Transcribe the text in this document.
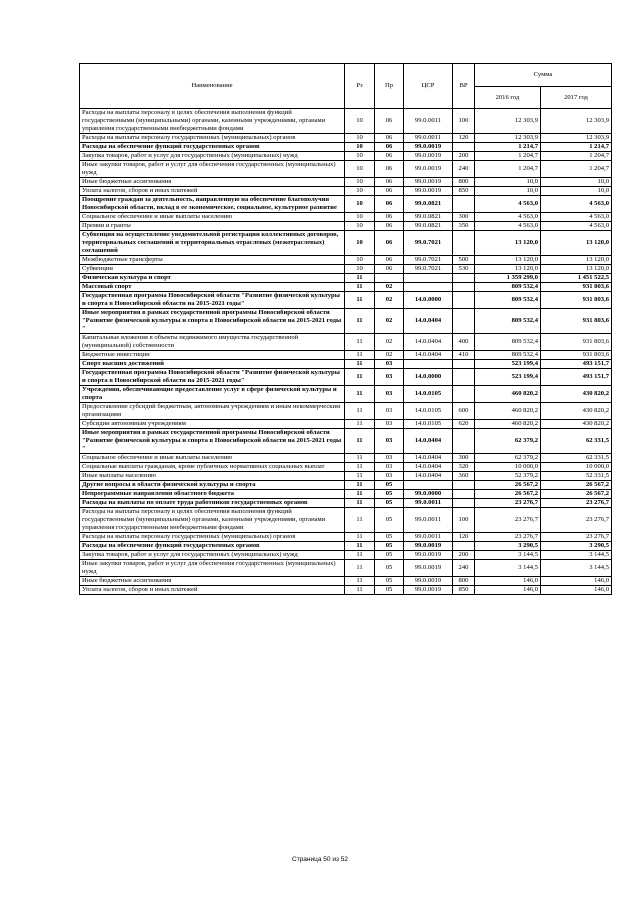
Наименование	Рз	Пр	ЦСР	ВР	Сумма	
					2016 год	2017 год
Расходы на выплаты персоналу в целях обеспечения выполнения функций государственными (муниципальными) органами, казенными учреждениями, органами управления государственными внебюджетными фондами	10	06	99.0.0011	100	12 303,9	12 303,9
Расходы на выплаты персоналу государственных (муниципальных) органов	10	06	99.0.0011	120	12 303,9	12 303,9
Расходы на обеспечение функций государственных органов	10	06	99.0.0019		1 214,7	1 214,7
Закупка товаров, работ и услуг для государственных (муниципальных) нужд	10	06	99.0.0019	200	1 204,7	1 204,7
Иные закупки товаров, работ и услуг для обеспечения государственных (муниципальных) нужд	10	06	99.0.0019	240	1 204,7	1 204,7
Иные бюджетные ассигнования	10	06	99.0.0019	800	10,0	10,0
Уплата налогов, сборов и иных платежей	10	06	99.0.0019	850	10,0	10,0
Поощрение граждан за деятельность, направленную на обеспечение благополучия Новосибирской области, вклад в ее экономическое, социальное, культурное развитие	10	06	99.0.0821		4 563,0	4 563,0
Социальное обеспечение и иные выплаты населению	10	06	99.0.0821	300	4 563,0	4 563,0
Премии и гранты	10	06	99.0.0821	350	4 563,0	4 563,0
Субвенция на осуществление уведомительной регистрации коллективных договоров, территориальных соглашений и территориальных отраслевых (межотраслевых) соглашений	10	06	99.0.7021		13 120,0	13 120,0
Межбюджетные трансферты	10	06	99.0.7021	500	13 120,0	13 120,0
Субвенции	10	06	99.0.7021	530	13 120,0	13 120,0
Физическая культура и спорт	11				1 359 299,0	1 451 522,5
Массовый спорт	11	02			809 532,4	931 803,6
Государственная программа Новосибирской области "Развитие физической культуры и спорта в Новосибирской области на 2015-2021 годы"	11	02	14.0.0000		809 532,4	931 803,6
Иные мероприятия в рамках государственной программы Новосибирской области "Развитие физической культуры и спорта в Новосибирской области на 2015-2021 годы "	11	02	14.0.0404		809 532,4	931 803,6
Капитальные вложения в объекты недвижимого имущества государственной (муниципальной) собственности	11	02	14.0.0404	400	809 532,4	931 803,6
Бюджетные инвестиции	11	02	14.0.0404	410	809 532,4	931 803,6
Спорт высших достижений	11	03			523 199,4	493 151,7
Государственная программа Новосибирской области "Развитие физической культуры и спорта в Новосибирской области на 2015-2021 годы"	11	03	14.0.0000		523 199,4	493 151,7
Учреждения, обеспечивающие предоставление услуг в сфере физической культуры и спорта	11	03	14.0.0105		460 820,2	430 820,2
Предоставление субсидий бюджетным, автономным учреждениям и иным некоммерческим организациям	11	03	14.0.0105	600	460 820,2	430 820,2
Субсидии автономным учреждениям	11	03	14.0.0105	620	460 820,2	430 820,2
Иные мероприятия в рамках государственной программы Новосибирской области "Развитие физической культуры и спорта в Новосибирской области на 2015-2021 годы "	11	03	14.0.0404		62 379,2	62 331,5
Социальное обеспечение и иные выплаты населению	11	03	14.0.0404	300	62 379,2	62 331,5
Социальные выплаты гражданам, кроме публичных нормативных социальных выплат	11	03	14.0.0404	320	10 000,0	10 000,0
Иные выплаты населению	11	03	14.0.0404	360	52 379,2	52 331,5
Другие вопросы в области физической культуры и спорта	11	05			26 567,2	26 567,2
Непрограммные направления областного бюджета	11	05	99.0.0000		26 567,2	26 567,2
Расходы на выплаты по оплате труда работников государственных органов	11	05	99.0.0011		23 276,7	23 276,7
Расходы на выплаты персоналу в целях обеспечения выполнения функций государственными (муниципальными) органами, казенными учреждениями, органами управления государственными внебюджетными фондами	11	05	99.0.0011	100	23 276,7	23 276,7
Расходы на выплаты персоналу государственных (муниципальных) органов	11	05	99.0.0011	120	23 276,7	23 276,7
Расходы на обеспечение функций государственных органов	11	05	99.0.0019		3 290,5	3 290,5
Закупка товаров, работ и услуг для государственных (муниципальных) нужд	11	05	99.0.0019	200	3 144,5	3 144,5
Иные закупки товаров, работ и услуг для обеспечения государственных (муниципальных) нужд	11	05	99.0.0019	240	3 144,5	3 144,5
Иные бюджетные ассигнования	11	05	99.0.0019	800	146,0	146,0
Уплата налогов, сборов и иных платежей	11	05	99.0.0019	850	146,0	146,0
Страница 50 из 52
